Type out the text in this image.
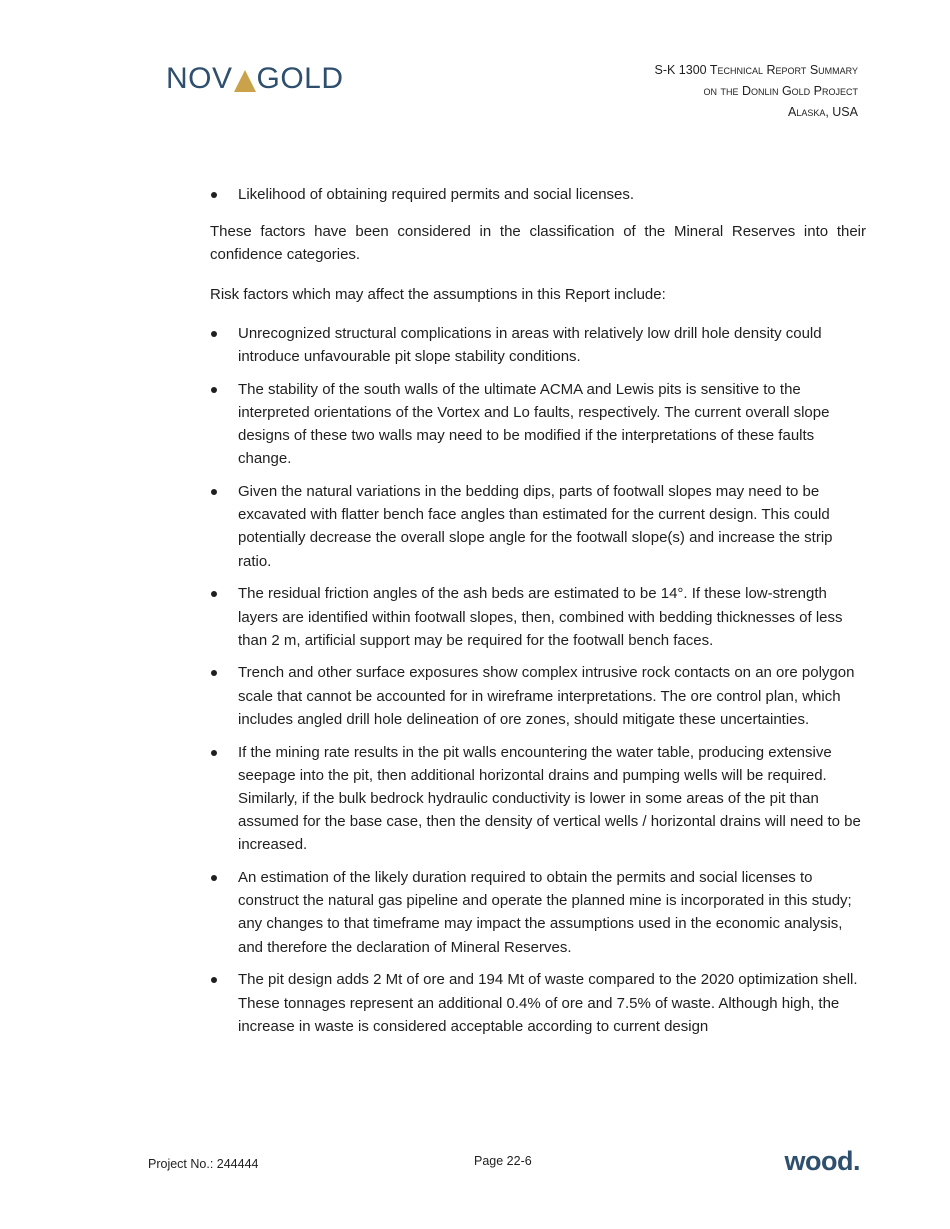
NOV GOLD	S-K 1300 Technical Report Summary
on the Donlin Gold Project
Alaska, USA
Likelihood of obtaining required permits and social licenses.

These factors have been considered in the classification of the Mineral Reserves into their confidence categories.

Risk factors which may affect the assumptions in this Report include:

Unrecognized structural complications in areas with relatively low drill hole density could introduce unfavourable pit slope stability conditions.
The stability of the south walls of the ultimate ACMA and Lewis pits is sensitive to the interpreted orientations of the Vortex and Lo faults, respectively. The current overall slope designs of these two walls may need to be modified if the interpretations of these faults change.
Given the natural variations in the bedding dips, parts of footwall slopes may need to be excavated with flatter bench face angles than estimated for the current design. This could potentially decrease the overall slope angle for the footwall slope(s) and increase the strip ratio.
The residual friction angles of the ash beds are estimated to be 14°. If these low-strength layers are identified within footwall slopes, then, combined with bedding thicknesses of less than 2 m, artificial support may be required for the footwall bench faces.
Trench and other surface exposures show complex intrusive rock contacts on an ore polygon scale that cannot be accounted for in wireframe interpretations. The ore control plan, which includes angled drill hole delineation of ore zones, should mitigate these uncertainties.
If the mining rate results in the pit walls encountering the water table, producing extensive seepage into the pit, then additional horizontal drains and pumping wells will be required. Similarly, if the bulk bedrock hydraulic conductivity is lower in some areas of the pit than assumed for the base case, then the density of vertical wells / horizontal drains will need to be increased.
An estimation of the likely duration required to obtain the permits and social licenses to construct the natural gas pipeline and operate the planned mine is incorporated in this study; any changes to that timeframe may impact the assumptions used in the economic analysis, and therefore the declaration of Mineral Reserves.
The pit design adds 2 Mt of ore and 194 Mt of waste compared to the 2020 optimization shell. These tonnages represent an additional 0.4% of ore and 7.5% of waste. Although high, the increase in waste is considered acceptable according to current design
Project No.: 244444	Page 22-6	wood.
